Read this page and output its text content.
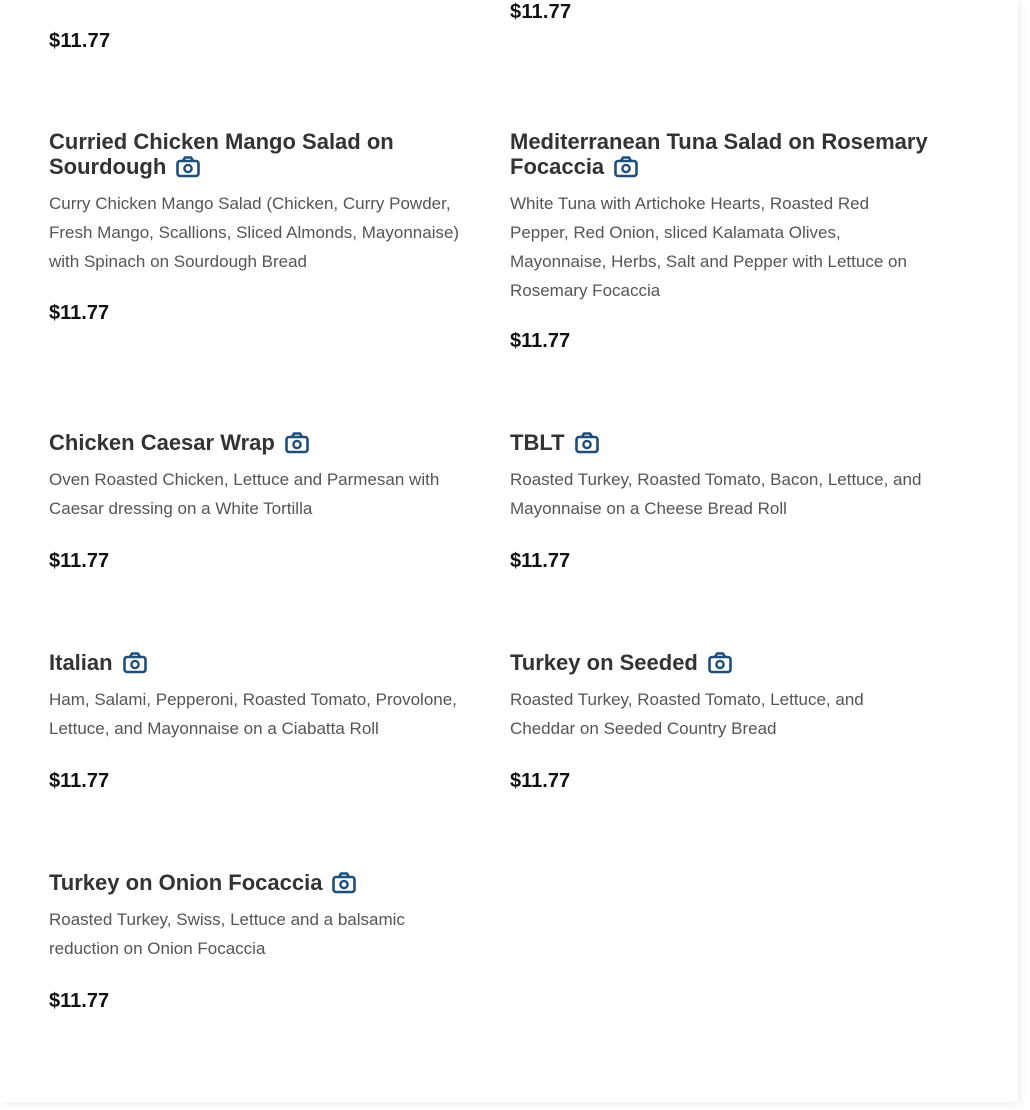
$11.77
$11.77
Curried Chicken Mango Salad on Sourdough
Curry Chicken Mango Salad (Chicken, Curry Powder, Fresh Mango, Scallions, Sliced Almonds, Mayonnaise) with Spinach on Sourdough Bread
$11.77
Mediterranean Tuna Salad on Rosemary Focaccia
White Tuna with Artichoke Hearts, Roasted Red Pepper, Red Onion, sliced Kalamata Olives, Mayonnaise, Herbs, Salt and Pepper with Lettuce on Rosemary Focaccia
$11.77
Chicken Caesar Wrap
Oven Roasted Chicken, Lettuce and Parmesan with Caesar dressing on a White Tortilla
$11.77
TBLT
Roasted Turkey, Roasted Tomato, Bacon, Lettuce, and Mayonnaise on a Cheese Bread Roll
$11.77
Italian
Ham, Salami, Pepperoni, Roasted Tomato, Provolone, Lettuce, and Mayonnaise on a Ciabatta Roll
$11.77
Turkey on Seeded
Roasted Turkey, Roasted Tomato, Lettuce, and Cheddar on Seeded Country Bread
$11.77
Turkey on Onion Focaccia
Roasted Turkey, Swiss, Lettuce and a balsamic reduction on Onion Focaccia
$11.77
